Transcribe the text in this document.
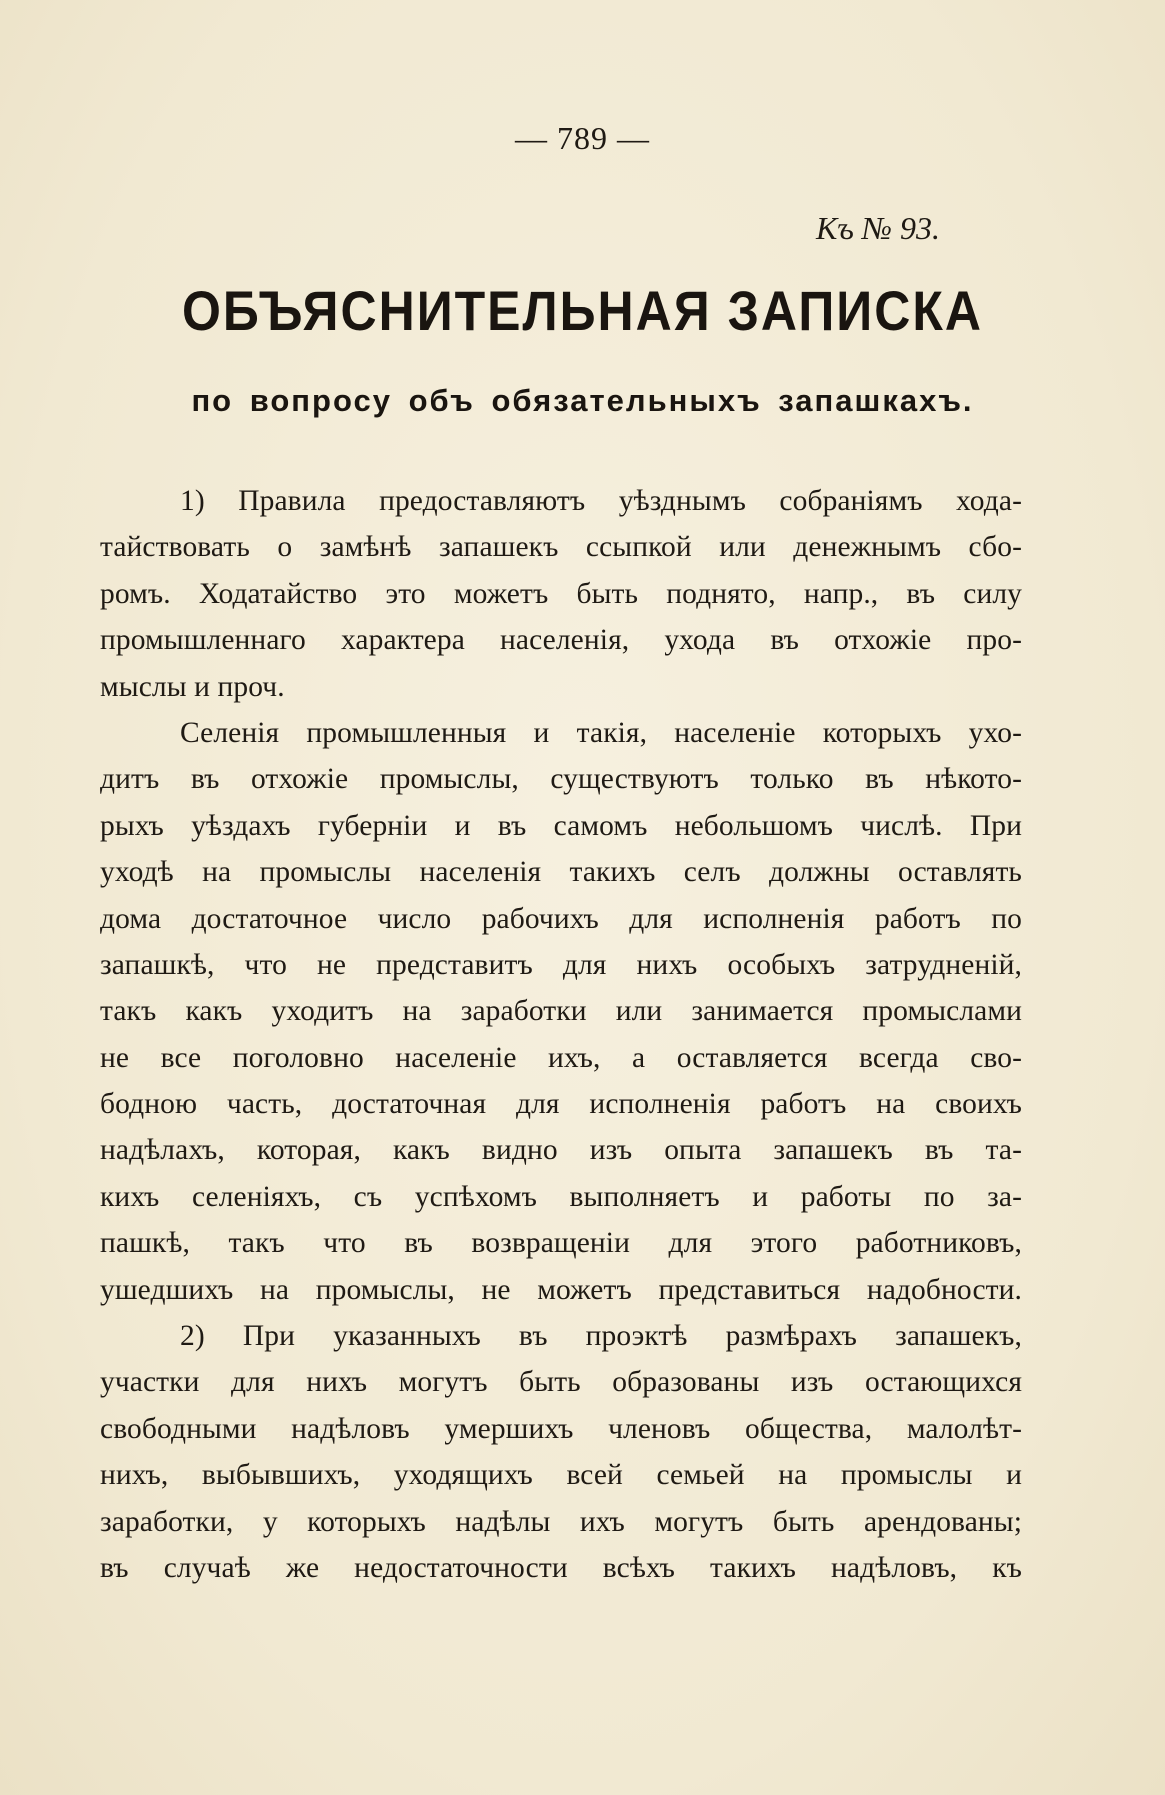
— 789 —
Къ № 93.
ОБЪЯСНИТЕЛЬНАЯ ЗАПИСКА
по вопросу объ обязательныхъ запашкахъ.
1) Правила предоставляютъ уѣзднымъ собраніямъ хода-
тайствовать о замѣнѣ запашекъ ссыпкой или денежнымъ сбо-
ромъ. Ходатайство это можетъ быть поднято, напр., въ силу
промышленнаго характера населенія, ухода въ отхожіе про-
мыслы и проч.
Селенія промышленныя и такія, населеніе которыхъ ухо-
дитъ въ отхожіе промыслы, существуютъ только въ нѣкото-
рыхъ уѣздахъ губерніи и въ самомъ небольшомъ числѣ. При
уходѣ на промыслы населенія такихъ селъ должны оставлять
дома достаточное число рабочихъ для исполненія работъ по
запашкѣ, что не представитъ для нихъ особыхъ затрудненій,
такъ какъ уходитъ на заработки или занимается промыслами
не все поголовно населеніе ихъ, а оставляется всегда сво-
бодною часть, достаточная для исполненія работъ на своихъ
надѣлахъ, которая, какъ видно изъ опыта запашекъ въ та-
кихъ селеніяхъ, съ успѣхомъ выполняетъ и работы по за-
пашкѣ, такъ что въ возвращеніи для этого работниковъ,
ушедшихъ на промыслы, не можетъ представиться надобности.
2) При указанныхъ въ проэктѣ размѣрахъ запашекъ,
участки для нихъ могутъ быть образованы изъ остающихся
свободными надѣловъ умершихъ членовъ общества, малолѣт-
нихъ, выбывшихъ, уходящихъ всей семьей на промыслы и
заработки, у которыхъ надѣлы ихъ могутъ быть арендованы;
въ случаѣ же недостаточности всѣхъ такихъ надѣловъ, къ
